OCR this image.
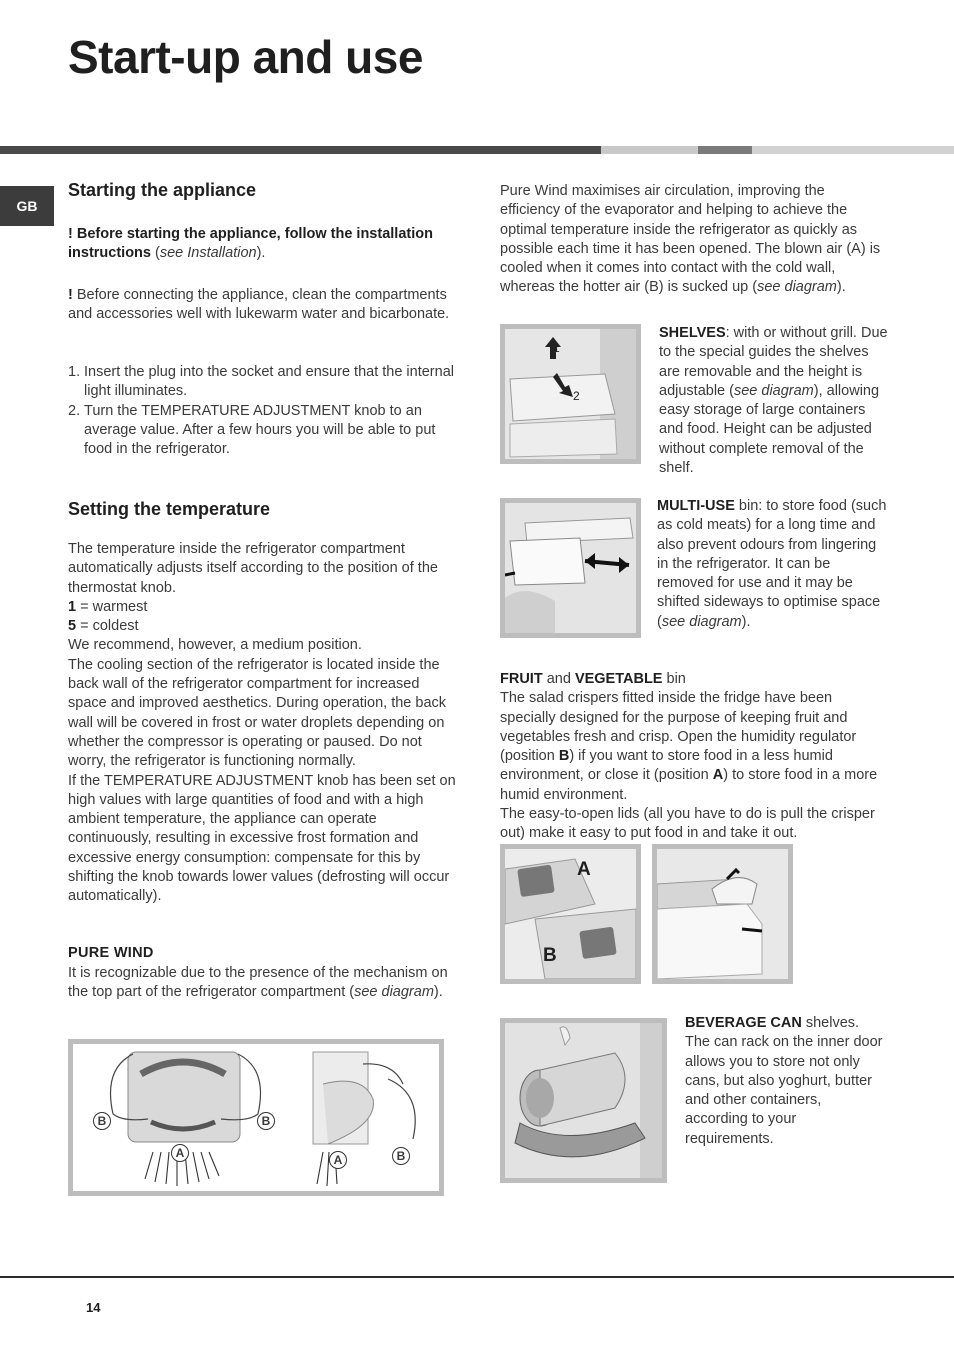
Start-up and use
GB
Starting the appliance

! Before starting the appliance, follow the installation instructions (see Installation).

! Before connecting the appliance, clean the compartments and accessories well with lukewarm water and bicarbonate.

1. Insert the plug into the socket and ensure that the internal light illuminates.
2. Turn the TEMPERATURE ADJUSTMENT knob to an average value. After a few hours you will be able to put food in the refrigerator.
Setting the temperature

The temperature inside the refrigerator compartment automatically adjusts itself according to the position of the thermostat knob.

1 = warmest

5 = coldest

We recommend, however, a medium position.

The cooling section of the refrigerator is located inside the back wall of the refrigerator compartment for increased space and improved aesthetics. During operation, the back wall will be covered in frost or water droplets depending on whether the compressor is operating or paused. Do not worry, the refrigerator is functioning normally.

If the TEMPERATURE ADJUSTMENT knob has been set on high values with large quantities of food and with a high ambient temperature, the appliance can operate continuously, resulting in excessive frost formation and excessive energy consumption: compensate for this by shifting the knob towards lower values (defrosting will occur automatically).

PURE WIND

It is recognizable due to the presence of the mechanism on the top part of the refrigerator compartment (see diagram).

B	B
A	A	B

Pure Wind maximises air circulation, improving the efficiency of the evaporator and helping to achieve the optimal temperature inside the refrigerator as quickly as possible each time it has been opened. The blown air (A) is cooled when it comes into contact with the cold wall, whereas the hotter air (B) is sucked up (see diagram).

1
2

SHELVES: with or without grill. Due to the special guides the shelves are removable and the height is adjustable (see diagram), allowing easy storage of large containers and food. Height can be adjusted without complete removal of the shelf.

MULTI-USE bin: to store food (such as cold meats) for a long time and also prevent odours from lingering in the refrigerator. It can be removed for use and it may be shifted sideways to optimise space (see diagram).

FRUIT and VEGETABLE bin

The salad crispers fitted inside the fridge have been specially designed for the purpose of keeping fruit and vegetables fresh and crisp. Open the humidity regulator (position B) if you want to store food in a less humid environment, or close it (position A) to store food in a more humid environment.

The easy-to-open lids (all you have to do is pull the crisper out) make it easy to put food in and take it out.

A
B

BEVERAGE CAN shelves. The can rack on the inner door allows you to store not only cans, but also yoghurt, butter and other containers, according to your requirements.

14
